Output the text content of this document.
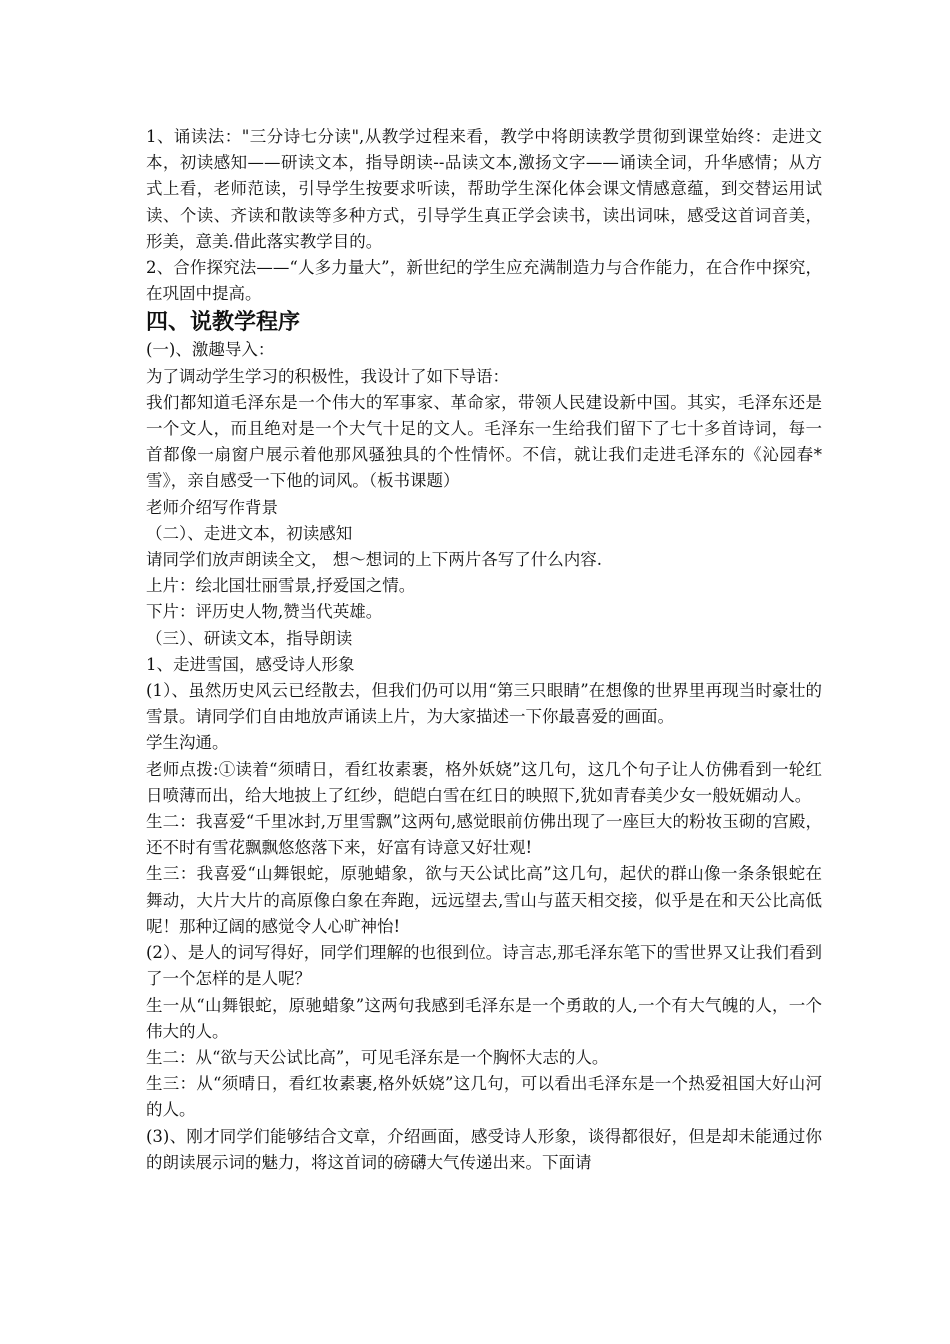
1、诵读法："三分诗七分读",从教学过程来看，教学中将朗读教学贯彻到课堂始终：走进文本，初读感知——研读文本，指导朗读--品读文本,激扬文字——诵读全词，升华感情；从方式上看，老师范读，引导学生按要求听读，帮助学生深化体会课文情感意蕴，到交替运用试读、个读、齐读和散读等多种方式，引导学生真正学会读书，读出词味，感受这首词音美，形美，意美.借此落实教学目的。

2、合作探究法——“人多力量大”，新世纪的学生应充满制造力与合作能力，在合作中探究，在巩固中提高。

四、说教学程序

(一)、激趣导入：

为了调动学生学习的积极性，我设计了如下导语：

我们都知道毛泽东是一个伟大的军事家、革命家，带领人民建设新中国。其实，毛泽东还是一个文人，而且绝对是一个大气十足的文人。毛泽东一生给我们留下了七十多首诗词，每一首都像一扇窗户展示着他那风骚独具的个性情怀。不信，就让我们走进毛泽东的《沁园春*雪》，亲自感受一下他的词风。（板书课题）

老师介绍写作背景

（二）、走进文本，初读感知

请同学们放声朗读全文， 想～想词的上下两片各写了什么内容.

上片：绘北国壮丽雪景,抒爱国之情。

下片：评历史人物,赞当代英雄。

（三）、研读文本，指导朗读

1、走进雪国，感受诗人形象

(1）、虽然历史风云已经散去，但我们仍可以用“第三只眼睛”在想像的世界里再现当时豪壮的雪景。请同学们自由地放声诵读上片，为大家描述一下你最喜爱的画面。

学生沟通。

老师点拨:①读着“须晴日，看红妆素裹，格外妖娆”这几句，这几个句子让人仿佛看到一轮红日喷薄而出，给大地披上了红纱，皑皑白雪在红日的映照下,犹如青春美少女一般妩媚动人。

生二：我喜爱“千里冰封,万里雪飘”这两句,感觉眼前仿佛出现了一座巨大的粉妆玉砌的宫殿，还不时有雪花飘飘悠悠落下来，好富有诗意又好壮观!

生三：我喜爱“山舞银蛇，原驰蜡象，欲与天公试比高”这几句，起伏的群山像一条条银蛇在舞动，大片大片的高原像白象在奔跑，远远望去,雪山与蓝天相交接，似乎是在和天公比高低呢！那种辽阔的感觉令人心旷神怡!

(2）、是人的词写得好，同学们理解的也很到位。诗言志,那毛泽东笔下的雪世界又让我们看到了一个怎样的是人呢？

生一从“山舞银蛇，原驰蜡象”这两句我感到毛泽东是一个勇敢的人,一个有大气魄的人，一个伟大的人。

生二：从“欲与天公试比高”，可见毛泽东是一个胸怀大志的人。

生三：从“须晴日，看红妆素裹,格外妖娆”这几句，可以看出毛泽东是一个热爱祖国大好山河的人。

(3)、刚才同学们能够结合文章，介绍画面，感受诗人形象，谈得都很好，但是却未能通过你的朗读展示词的魅力，将这首词的磅礴大气传递出来。下面请
